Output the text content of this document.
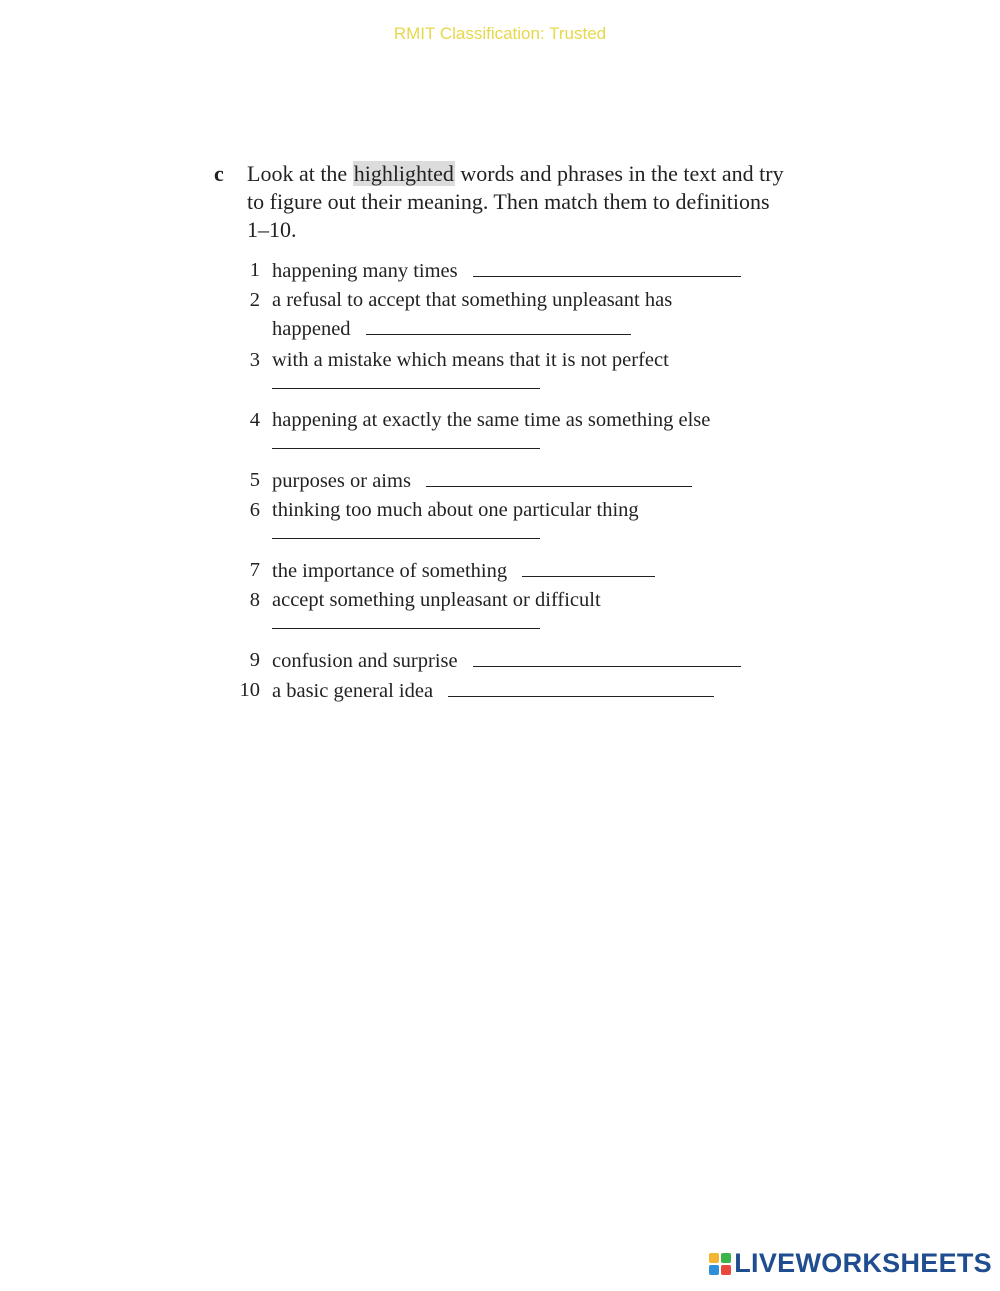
RMIT Classification: Trusted
c Look at the highlighted words and phrases in the text and try to figure out their meaning. Then match them to definitions 1–10.
1 happening many times
2 a refusal to accept that something unpleasant has happened
3 with a mistake which means that it is not perfect
4 happening at exactly the same time as something else
5 purposes or aims
6 thinking too much about one particular thing
7 the importance of something
8 accept something unpleasant or difficult
9 confusion and surprise
10 a basic general idea
LIVEWORKSHEETS
